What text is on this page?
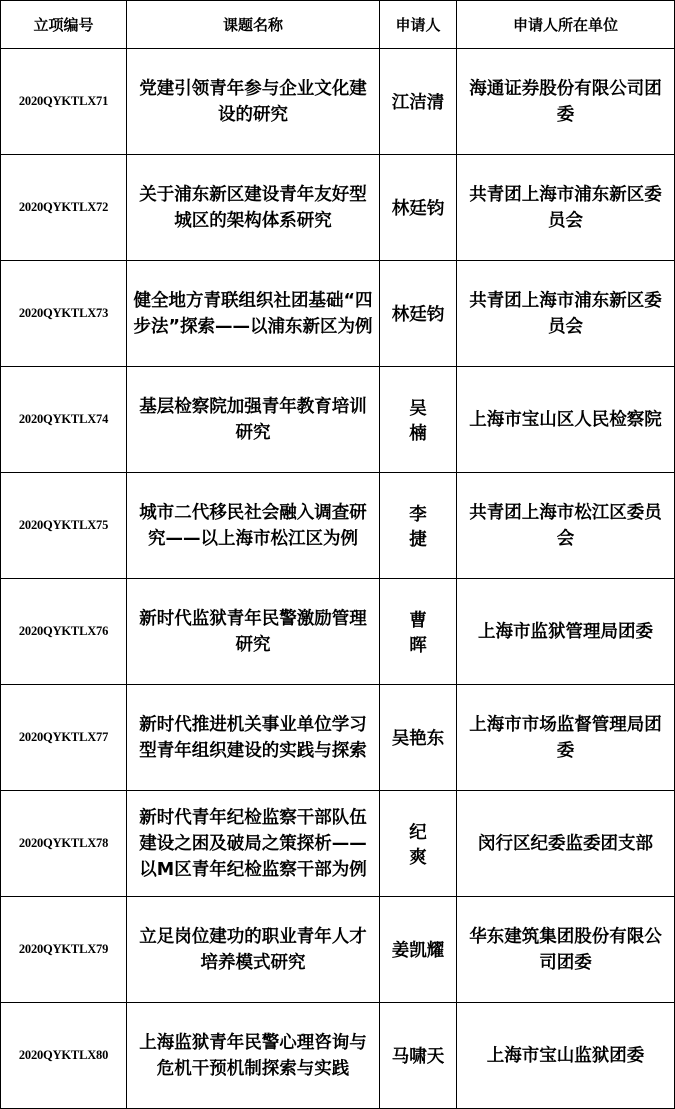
立项编号	课题名称	申请人	申请人所在单位
2020QYKTLX71	党建引领青年参与企业文化建设的研究	江洁清	海通证券股份有限公司团委
2020QYKTLX72	关于浦东新区建设青年友好型城区的架构体系研究	林廷钧	共青团上海市浦东新区委员会
2020QYKTLX73	健全地方青联组织社团基础“四步法”探索——以浦东新区为例	林廷钧	共青团上海市浦东新区委员会
2020QYKTLX74	基层检察院加强青年教育培训研究	吴楠	上海市宝山区人民检察院
2020QYKTLX75	城市二代移民社会融入调查研究——以上海市松江区为例	李捷	共青团上海市松江区委员会
2020QYKTLX76	新时代监狱青年民警激励管理研究	曹晖	上海市监狱管理局团委
2020QYKTLX77	新时代推进机关事业单位学习型青年组织建设的实践与探索	吴艳东	上海市市场监督管理局团委
2020QYKTLX78	新时代青年纪检监察干部队伍建设之困及破局之策探析——以M区青年纪检监察干部为例	纪爽	闵行区纪委监委团支部
2020QYKTLX79	立足岗位建功的职业青年人才培养模式研究	姜凯耀	华东建筑集团股份有限公司团委
2020QYKTLX80	上海监狱青年民警心理咨询与危机干预机制探索与实践	马啸天	上海市宝山监狱团委
